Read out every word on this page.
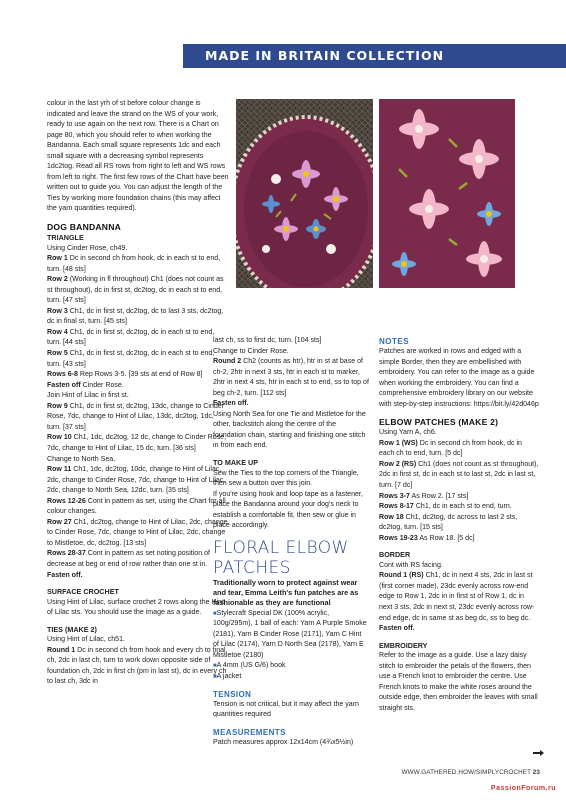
MADE IN BRITAIN COLLECTION

colour in the last yrh of st before colour change is indicated and leave the strand on the WS of your work, ready to use again on the next row. There is a Chart on page 80, which you should refer to when working the Bandanna. Each small square represents 1dc and each small square with a decreasing symbol represents 1dc2tog. Read all RS rows from right to left and WS rows from left to right. The first few rows of the Chart have been written out to guide you. You can adjust the length of the Ties by working more foundation chains (this may affect the yarn quantities required).

DOG BANDANNA

TRIANGLE

Using Cinder Rose, ch49.

Row 1 Dc in second ch from hook, dc in each st to end, turn. [48 sts]

Row 2 (Working in fl throughout) Ch1 (does not count as st throughout), dc in first st, dc2tog, dc in each st to end, turn. [47 sts]

Row 3 Ch1, dc in first st, dc2tog, dc to last 3 sts, dc2tog, dc in final st, turn. [45 sts]

Row 4 Ch1, dc in first st, dc2tog, dc in each st to end, turn. [44 sts]

Row 5 Ch1, dc in first st, dc2tog, dc in each st to end, turn. [43 sts]

Rows 6-8 Rep Rows 3-5. [39 sts at end of Row 8]

Fasten off Cinder Rose.

Join Hint of Lilac in first st.

Row 9 Ch1, dc in first st, dc2tog, 13dc, change to Cinder Rose, 7dc, change to Hint of Lilac, 13dc, dc2tog, 1dc, turn. [37 sts]

Row 10 Ch1, 1dc, dc2tog, 12 dc, change to Cinder Rose, 7dc, change to Hint of Lilac, 15 dc, turn. [36 sts]

Change to North Sea.

Row 11 Ch1, 1dc, dc2tog, 10dc, change to Hint of Lilac, 2dc, change to Cinder Rose, 7dc, change to Hint of Lilac, 2dc, change to North Sea, 12dc, turn. [35 sts]

Rows 12-26 Cont in pattern as set, using the Chart for all colour changes.

Row 27 Ch1, dc2tog, change to Hint of Lilac, 2dc, change to Cinder Rose, 7dc, change to Hint of Lilac, 2dc, change to Mistletoe, dc, dc2tog. [13 sts]

Rows 28-37 Cont in pattern as set noting position of decrease at beg or end of row rather than one st in.

Fasten off.

SURFACE CROCHET

Using Hint of Lilac, surface crochet 2 rows along the Hint of Lilac sts. You should use the image as a guide.

TIES (MAKE 2)

Using Hint of Lilac, ch51.

Round 1 Dc in second ch from hook and every ch to final ch, 2dc in last ch, turn to work down opposite side of foundation ch, 2dc in first ch (pm in last st), dc in every ch to last ch, 3dc in

last ch, ss to first dc, turn. [104 sts]

Change to Cinder Rose.

Round 2 Ch2 (counts as htr), htr in st at base of ch-2, 2htr in next 3 sts, htr in each st to marker, 2htr in next 4 sts, htr in each st to end, ss to top of beg ch-2, turn. [112 sts]

Fasten off.

Using North Sea for one Tie and Mistletoe for the other, backstitch along the centre of the foundation chain, starting and finishing one stitch in from each end.

TO MAKE UP

Sew the Ties to the top corners of the Triangle, then sew a button over this join.

If you're using hook and loop tape as a fastener, place the Bandanna around your dog's neck to establish a comfortable fit, then sew or glue in place accordingly.

FLORAL ELBOW PATCHES

Traditionally worn to protect against wear and tear, Emma Leith's fun patches are as fashionable as they are functional

■ Stylecraft Special DK (100% acrylic, 100g/295m), 1 ball of each: Yarn A Purple Smoke (2181), Yarn B Cinder Rose (2171), Yarn C Hint of Lilac (2174), Yarn D North Sea (2178), Yarn E Mistletoe (2180)

■ A 4mm (US G/6) hook

■ A jacket

TENSION

Tension is not critical, but it may affect the yarn quantities required

MEASUREMENTS

Patch measures approx 12x14cm (4¾x5½in)

NOTES

Patches are worked in rows and edged with a simple Border, then they are embellished with embroidery. You can refer to the image as a guide when working the embroidery. You can find a comprehensive embroidery library on our website with step-by-step instructions: https://bit.ly/42d046p

ELBOW PATCHES (MAKE 2)

Using Yarn A, ch6.

Row 1 (WS) Dc in second ch from hook, dc in each ch to end, turn. [5 dc]

Row 2 (RS) Ch1 (does not count as st throughout), 2dc in first st, dc in each st to last st, 2dc in last st, turn. [7 dc]

Rows 3-7 As Row 2. [17 sts]

Rows 8-17 Ch1, dc in each st to end, turn.

Row 18 Ch1, dc2tog, dc across to last 2 sts, dc2tog, turn. [15 sts]

Rows 19-23 As Row 18. [5 dc]

BORDER

Cont with RS facing.

Round 1 (RS) Ch1, dc in next 4 sts, 2dc in last st (first corner made), 23dc evenly across row-end edge to Row 1, 2dc in in first st of Row 1, dc in next 3 sts, 2dc in next st, 23dc evenly across row-end edge, dc in same st as beg dc, ss to beg dc.

Fasten off.

EMBROIDERY

Refer to the image as a guide. Use a lazy daisy stitch to embroider the petals of the flowers, then use a French knot to embroider the centre. Use French knots to make the white roses around the outside edge, then embroider the leaves with small straight sts.

WWW.GATHERED.HOW/SIMPLYCROCHET 23
PassionForum.ru
